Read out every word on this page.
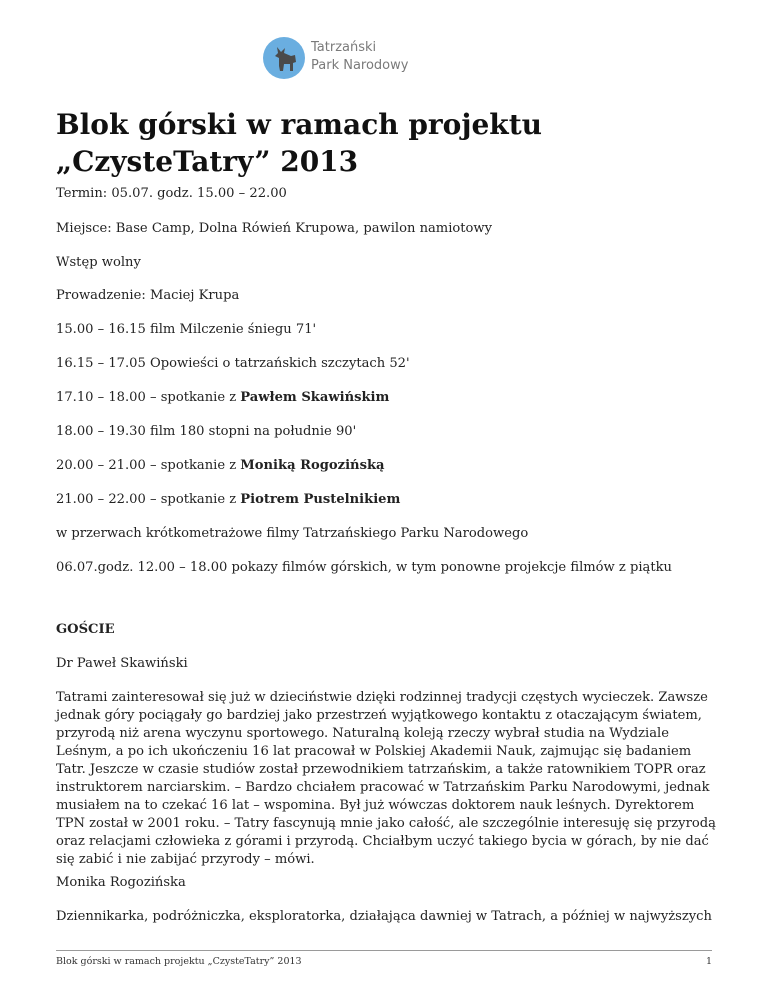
Tatrzański
Park Narodowy
Blok górski w ramach projektu „CzysteTatry” 2013

Termin: 05.07. godz. 15.00 – 22.00

Miejsce: Base Camp, Dolna Rówień Krupowa, pawilon namiotowy

Wstęp wolny

Prowadzenie: Maciej Krupa

15.00 – 16.15 film Milczenie śniegu 71'

16.15 – 17.05 Opowieści o tatrzańskich szczytach 52'

17.10 – 18.00 – spotkanie z Pawłem Skawińskim

18.00 – 19.30 film 180 stopni na południe 90'

20.00 – 21.00 – spotkanie z Moniką Rogozińską

21.00 – 22.00 – spotkanie z Piotrem Pustelnikiem

w przerwach krótkometrażowe filmy Tatrzańskiego Parku Narodowego

06.07.godz. 12.00 – 18.00 pokazy filmów górskich, w tym ponowne projekcje filmów z piątku

GOŚCIE

Dr Paweł Skawiński

Tatrami zainteresował się już w dzieciństwie dzięki rodzinnej tradycji częstych wycieczek. Zawsze jednak góry pociągały go bardziej jako przestrzeń wyjątkowego kontaktu z otaczającym światem, przyrodą niż arena wyczynu sportowego. Naturalną koleją rzeczy wybrał studia na Wydziale Leśnym, a po ich ukończeniu 16 lat pracował w Polskiej Akademii Nauk, zajmując się badaniem Tatr. Jeszcze w czasie studiów został przewodnikiem tatrzańskim, a także ratownikiem TOPR oraz instruktorem narciarskim. – Bardzo chciałem pracować w Tatrzańskim Parku Narodowymi, jednak musiałem na to czekać 16 lat – wspomina. Był już wówczas doktorem nauk leśnych. Dyrektorem TPN został w 2001 roku. – Tatry fascynują mnie jako całość, ale szczególnie interesuję się przyrodą oraz relacjami człowieka z górami i przyrodą. Chciałbym uczyć takiego bycia w górach, by nie dać się zabić i nie zabijać przyrody – mówi.

Monika Rogozińska

Dziennikarka, podróżniczka, eksploratorka, działająca dawniej w Tatrach, a później w najwyższych

Blok górski w ramach projektu „CzysteTatry” 2013	1
